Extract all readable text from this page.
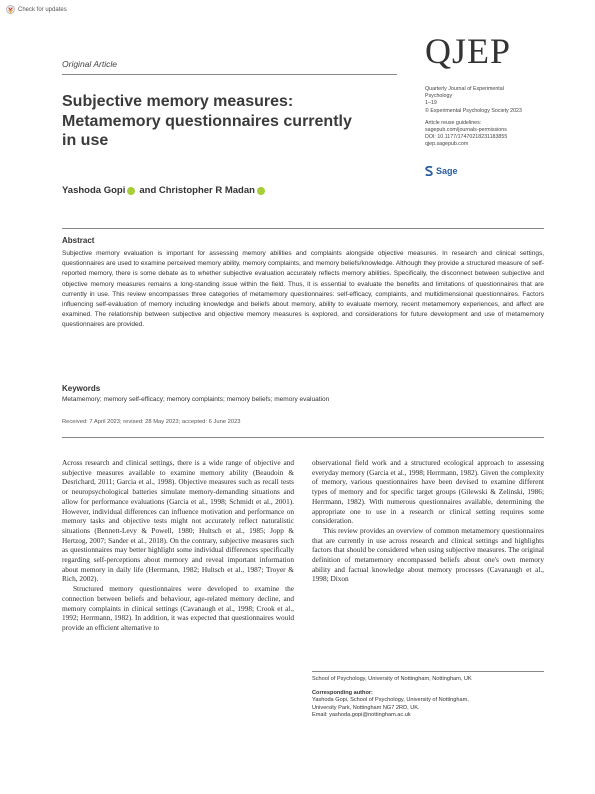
Check for updates
QJEP
Original Article
Subjective memory measures: Metamemory questionnaires currently in use
Quarterly Journal of Experimental
Psychology
1–19
© Experimental Psychology Society 2023
Article reuse guidelines:
sagepub.com/journals-permissions
DOI: 10.1177/17470218231183855
qjep.sagepub.com
Sage
Yashoda Gopi and Christopher R Madan
Abstract

Subjective memory evaluation is important for assessing memory abilities and complaints alongside objective measures. In research and clinical settings, questionnaires are used to examine perceived memory ability, memory complaints, and memory beliefs/knowledge. Although they provide a structured measure of self-reported memory, there is some debate as to whether subjective evaluation accurately reflects memory abilities. Specifically, the disconnect between subjective and objective memory measures remains a long-standing issue within the field. Thus, it is essential to evaluate the benefits and limitations of questionnaires that are currently in use. This review encompasses three categories of metamemory questionnaires: self-efficacy, complaints, and multidimensional questionnaires. Factors influencing self-evaluation of memory including knowledge and beliefs about memory, ability to evaluate memory, recent metamemory experiences, and affect are examined. The relationship between subjective and objective memory measures is explored, and considerations for future development and use of metamemory questionnaires are provided.

Keywords

Metamemory; memory self-efficacy; memory complaints; memory beliefs; memory evaluation

Received: 7 April 2023; revised: 28 May 2023; accepted: 6 June 2023

Across research and clinical settings, there is a wide range of objective and subjective measures available to examine memory ability (Beaudoin & Desrichard, 2011; Garcia et al., 1998). Objective measures such as recall tests or neuropsychological batteries simulate memory-demanding situations and allow for performance evaluations (Garcia et al., 1998; Schmidt et al., 2001). However, individual differences can influence motivation and performance on memory tasks and objective tests might not accurately reflect naturalistic situations (Bennett-Levy & Powell, 1980; Hultsch et al., 1985; Jopp & Hertzog, 2007; Sander et al., 2018). On the contrary, subjective measures such as questionnaires may better highlight some individual differences specifically regarding self-perceptions about memory and reveal important information about memory in daily life (Herrmann, 1982; Hultsch et al., 1987; Troyer & Rich, 2002).

Structured memory questionnaires were developed to examine the connection between beliefs and behaviour, age-related memory decline, and memory complaints in clinical settings (Cavanaugh et al., 1998; Crook et al., 1992; Herrmann, 1982). In addition, it was expected that questionnaires would provide an efficient alternative to

observational field work and a structured ecological approach to assessing everyday memory (Garcia et al., 1998; Herrmann, 1982). Given the complexity of memory, various questionnaires have been devised to examine different types of memory and for specific target groups (Gilewski & Zelinski, 1986; Herrmann, 1982). With numerous questionnaires available, determining the appropriate one to use in a research or clinical setting requires some consideration.

This review provides an overview of common metamemory questionnaires that are currently in use across research and clinical settings and highlights factors that should be considered when using subjective measures. The original definition of metamemory encompassed beliefs about one's own memory ability and factual knowledge about memory processes (Cavanaugh et al., 1998; Dixon

School of Psychology, University of Nottingham, Nottingham, UK

Corresponding author:
Yashoda Gopi, School of Psychology, University of Nottingham,
University Park, Nottingham NG7 2RD, UK.
Email: yashoda.gopi@nottingham.ac.uk
